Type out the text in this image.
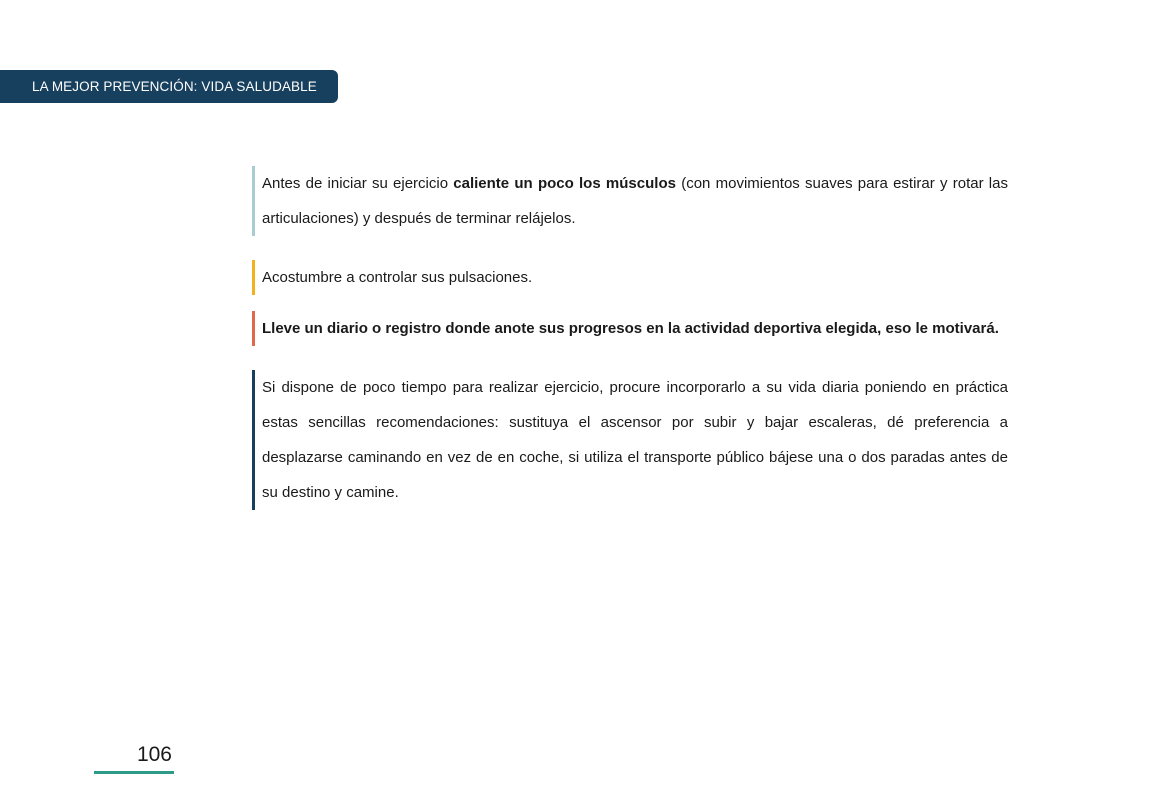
LA MEJOR PREVENCIÓN: VIDA SALUDABLE
Antes de iniciar su ejercicio caliente un poco los músculos (con movimientos suaves para estirar y rotar las articulaciones) y después de terminar relájelos.
Acostumbre a controlar sus pulsaciones.
Lleve un diario o registro donde anote sus progresos en la actividad deportiva elegida, eso le motivará.
Si dispone de poco tiempo para realizar ejercicio, procure incorporarlo a su vida diaria poniendo en práctica estas sencillas recomendaciones: sustituya el ascensor por subir y bajar escaleras, dé preferencia a desplazarse caminando en vez de en coche, si utiliza el transporte público bájese una o dos paradas antes de su destino y camine.
106
